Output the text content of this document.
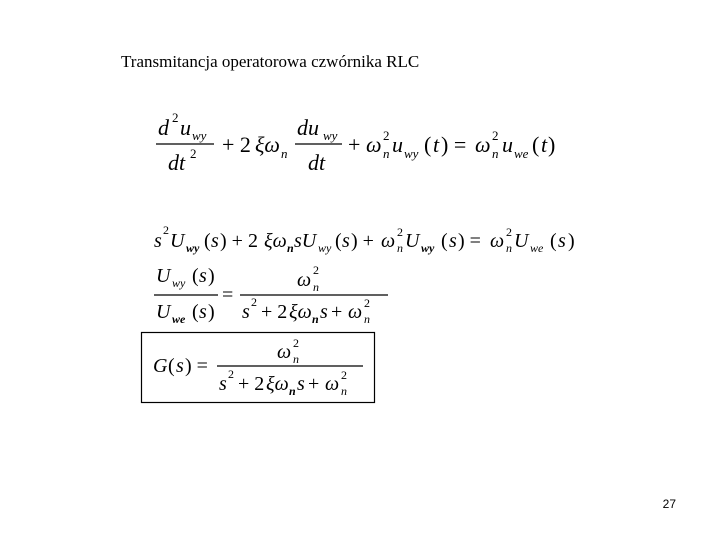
Transmitancja operatorowa czwórnika RLC
d 2 u wy
dt 2 + 2 ξω n
du wy
dt
+ ω n
2 u wy ( t ) = ω n
2 u we ( t )
s 2 U wy ( s ) + 2 ξω n sU wy ( s ) + ω n
2 U wy ( s ) = ω n
2 U we ( s )
U wy ( s )
U we ( s )
=
ω n
2
s 2 + 2 ξω n s + ω n
2
G ( s ) =
ω n
2
s 2 + 2 ξω n s + ω n
2
27
